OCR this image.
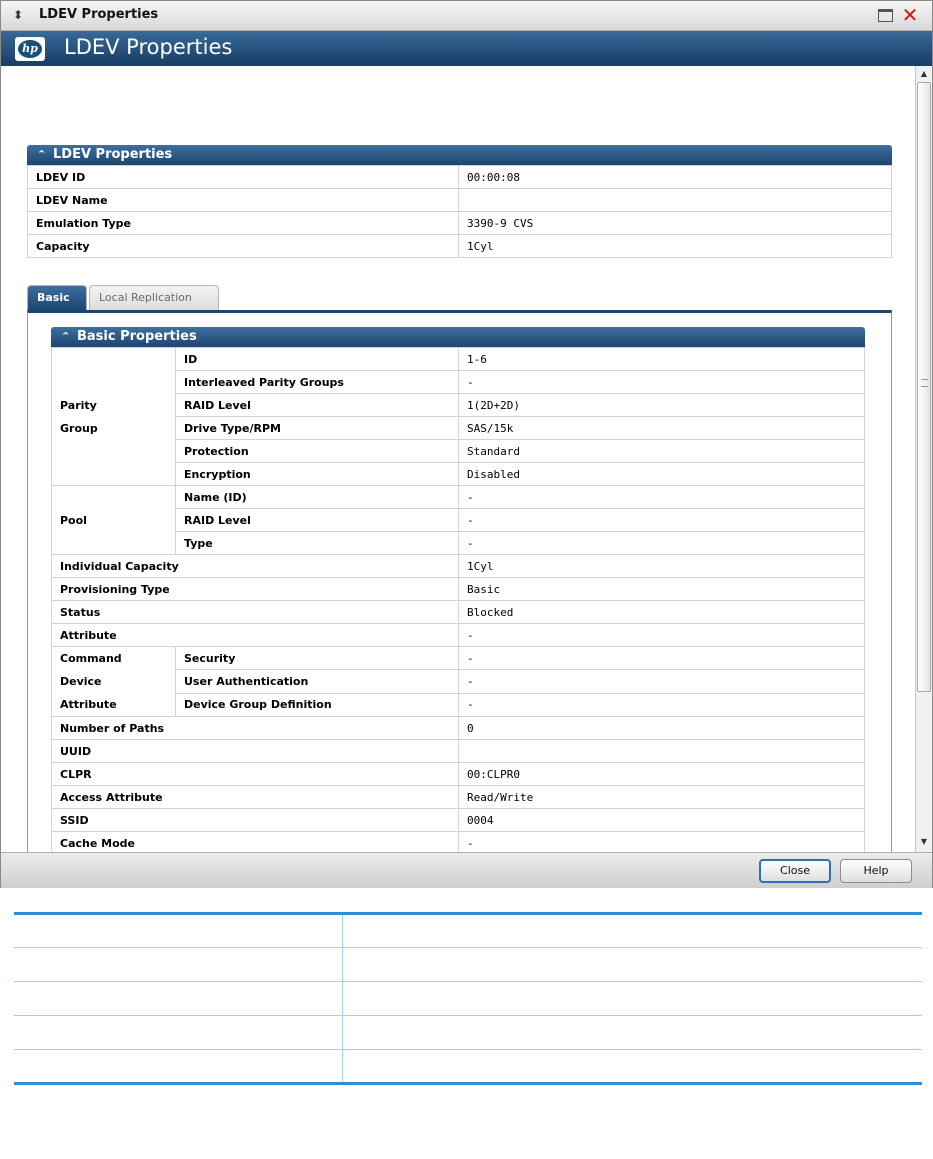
⬍	LDEV Properties	✕
hp LDEV Properties
⌃ LDEV Properties
LDEV ID	00:00:08
LDEV Name	
Emulation Type	3390-9 CVS
Capacity	1Cyl
Basic	Local Replication
⌃ Basic Properties
Parity
Group	ID	1-6
	Interleaved Parity Groups	-
	RAID Level	1(2D+2D)
	Drive Type/RPM	SAS/15k
	Protection	Standard
	Encryption	Disabled
Pool	Name (ID)	-
	RAID Level	-
	Type	-
Individual Capacity		1Cyl
Provisioning Type		Basic
Status		Blocked
Attribute		-
Command
Device
Attribute	Security	-
	User Authentication	-
	Device Group Definition	-
Number of Paths		0
UUID		
CLPR		00:CLPR0
Access Attribute		Read/Write
SSID		0004
Cache Mode		-
▲
▼
Close	Help
